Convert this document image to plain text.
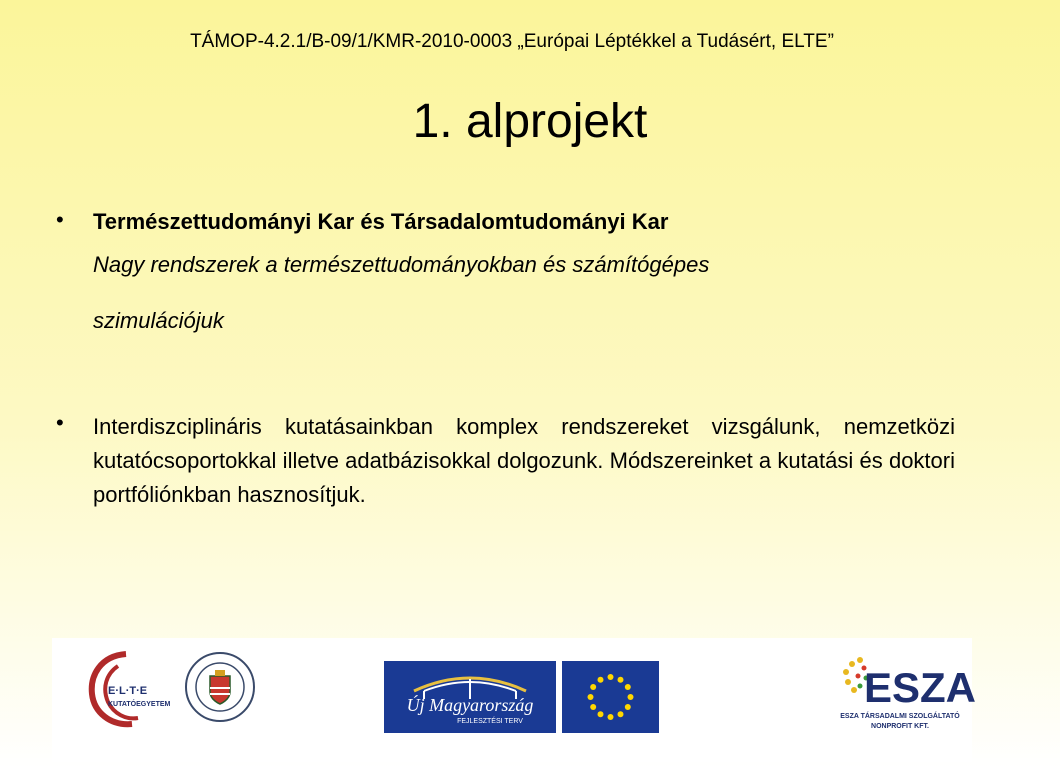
TÁMOP-4.2.1/B-09/1/KMR-2010-0003 „Európai Léptékkel a Tudásért, ELTE”
1. alprojekt
• Természettudományi Kar és Társadalomtudományi Kar
Nagy rendszerek a természettudományokban és számítógépes
szimulációjuk
• Interdiszciplináris kutatásainkban komplex rendszereket vizsgálunk, nemzetközi kutatócsoportokkal illetve adatbázisokkal dolgozunk. Módszereinket a kutatási és doktori portfóliónkban hasznosítjuk.
E·L·T·E
KUTATÓEGYETEM	Új Magyarország
FEJLESZTÉSI TERV
ESZA
ESZA TÁRSADALMI SZOLGÁLTATÓ
NONPROFIT KFT.
